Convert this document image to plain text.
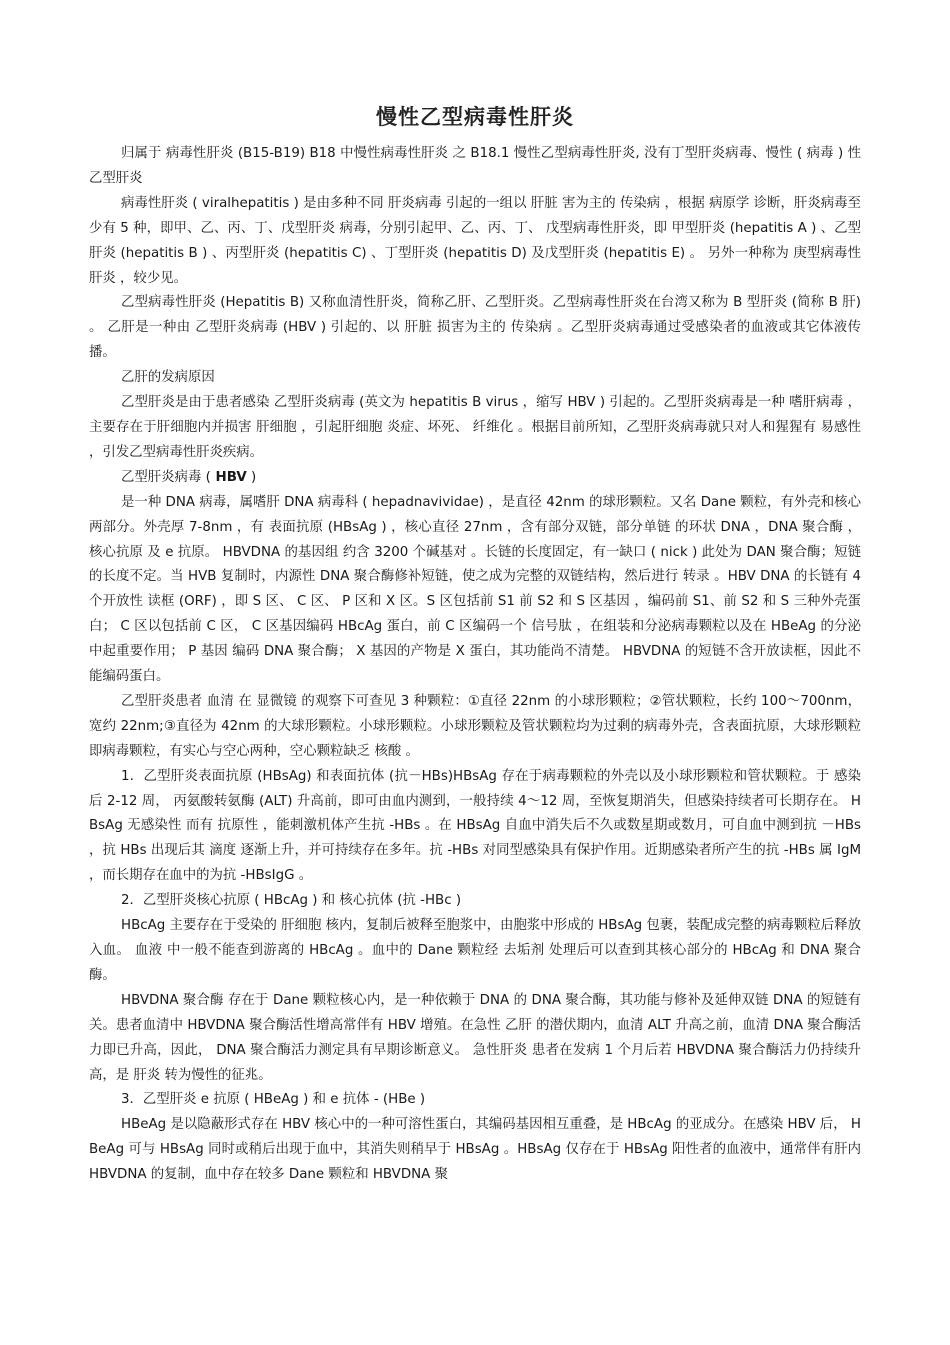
慢性乙型病毒性肝炎

归属于 病毒性肝炎 (B15-B19) B18 中慢性病毒性肝炎 之 B18.1 慢性乙型病毒性肝炎, 没有丁型肝炎病毒、慢性 ( 病毒 ) 性乙型肝炎

病毒性肝炎 ( viralhepatitis ) 是由多种不同 肝炎病毒 引起的一组以 肝脏 害为主的 传染病 ，根据 病原学 诊断，肝炎病毒至少有 5 种，即甲、乙、丙、丁、戊型肝炎 病毒，分别引起甲、乙、丙、丁、 戊型病毒性肝炎，即 甲型肝炎 (hepatitis A ) 、乙型肝炎 (hepatitis B ) 、丙型肝炎 (hepatitis C) 、丁型肝炎 (hepatitis D) 及戊型肝炎 (hepatitis E) 。 另外一种称为 庚型病毒性肝炎 ，较少见。

乙型病毒性肝炎 (Hepatitis B) 又称血清性肝炎，简称乙肝、乙型肝炎。乙型病毒性肝炎在台湾又称为 B 型肝炎 (简称 B 肝) 。 乙肝是一种由 乙型肝炎病毒 (HBV ) 引起的、以 肝脏 损害为主的 传染病 。乙型肝炎病毒通过受感染者的血液或其它体液传播。

乙肝的发病原因

乙型肝炎是由于患者感染 乙型肝炎病毒 (英文为 hepatitis B virus ，缩写 HBV ) 引起的。乙型肝炎病毒是一种 嗜肝病毒 ，主要存在于肝细胞内并损害 肝细胞 ，引起肝细胞 炎症、坏死、 纤维化 。根据目前所知，乙型肝炎病毒就只对人和猩猩有 易感性 ，引发乙型病毒性肝炎疾病。

乙型肝炎病毒 ( HBV )

是一种 DNA 病毒，属嗜肝 DNA 病毒科 ( hepadnavividae) ，是直径 42nm 的球形颗粒。又名 Dane 颗粒，有外壳和核心两部分。外壳厚 7-8nm ，有 表面抗原 (HBsAg ) ，核心直径 27nm ，含有部分双链，部分单链 的环状 DNA ，DNA 聚合酶 ，核心抗原 及 e 抗原。 HBVDNA 的基因组 约含 3200 个碱基对 。长链的长度固定，有一缺口 ( nick ) 此处为 DAN 聚合酶；短链的长度不定。当 HVB 复制时，内源性 DNA 聚合酶修补短链，使之成为完整的双链结构，然后进行 转录 。HBV DNA 的长链有 4 个开放性 读框 (ORF) ，即 S 区、 C 区、 P 区和 X 区。S 区包括前 S1 前 S2 和 S 区基因 ，编码前 S1、前 S2 和 S 三种外壳蛋白； C 区以包括前 C 区， C 区基因编码 HBcAg 蛋白，前 C 区编码一个 信号肽 ，在组装和分泌病毒颗粒以及在 HBeAg 的分泌中起重要作用； P 基因 编码 DNA 聚合酶； X 基因的产物是 X 蛋白，其功能尚不清楚。 HBVDNA 的短链不含开放读框，因此不能编码蛋白。

乙型肝炎患者 血清 在 显微镜 的观察下可查见 3 种颗粒：①直径 22nm 的小球形颗粒；②管状颗粒，长约 100～700nm，宽约 22nm;③直径为 42nm 的大球形颗粒。小球形颗粒。小球形颗粒及管状颗粒均为过剩的病毒外壳，含表面抗原，大球形颗粒即病毒颗粒，有实心与空心两种，空心颗粒缺乏 核酸 。

1．乙型肝炎表面抗原 (HBsAg) 和表面抗体 (抗－HBs)HBsAg 存在于病毒颗粒的外壳以及小球形颗粒和管状颗粒。于 感染 后 2-12 周， 丙氨酸转氨酶 (ALT) 升高前，即可由血内测到，一般持续 4～12 周，至恢复期消失，但感染持续者可长期存在。 HBsAg 无感染性 而有 抗原性 ，能刺激机体产生抗 -HBs 。在 HBsAg 自血中消失后不久或数星期或数月，可自血中测到抗 －HBs ，抗 HBs 出现后其 滴度 逐渐上升，并可持续存在多年。抗 -HBs 对同型感染具有保护作用。近期感染者所产生的抗 -HBs 属 IgM ，而长期存在血中的为抗 -HBsIgG 。

2．乙型肝炎核心抗原 ( HBcAg ) 和 核心抗体 (抗 -HBc )

HBcAg 主要存在于受染的 肝细胞 核内，复制后被释至胞浆中，由胞浆中形成的 HBsAg 包裹，装配成完整的病毒颗粒后释放入血。 血液 中一般不能查到游离的 HBcAg 。血中的 Dane 颗粒经 去垢剂 处理后可以查到其核心部分的 HBcAg 和 DNA 聚合酶。

HBVDNA 聚合酶 存在于 Dane 颗粒核心内，是一种依赖于 DNA 的 DNA 聚合酶，其功能与修补及延伸双链 DNA 的短链有关。患者血清中 HBVDNA 聚合酶活性增高常伴有 HBV 增殖。在急性 乙肝 的潜伏期内，血清 ALT 升高之前，血清 DNA 聚合酶活力即已升高，因此， DNA 聚合酶活力测定具有早期诊断意义。 急性肝炎 患者在发病 1 个月后若 HBVDNA 聚合酶活力仍持续升高，是 肝炎 转为慢性的征兆。

3．乙型肝炎 e 抗原 ( HBeAg ) 和 e 抗体 - (HBe )

HBeAg 是以隐蔽形式存在 HBV 核心中的一种可溶性蛋白，其编码基因相互重叠，是 HBcAg 的亚成分。在感染 HBV 后， HBeAg 可与 HBsAg 同时或稍后出现于血中，其消失则稍早于 HBsAg 。HBsAg 仅存在于 HBsAg 阳性者的血液中，通常伴有肝内 HBVDNA 的复制，血中存在较多 Dane 颗粒和 HBVDNA 聚
